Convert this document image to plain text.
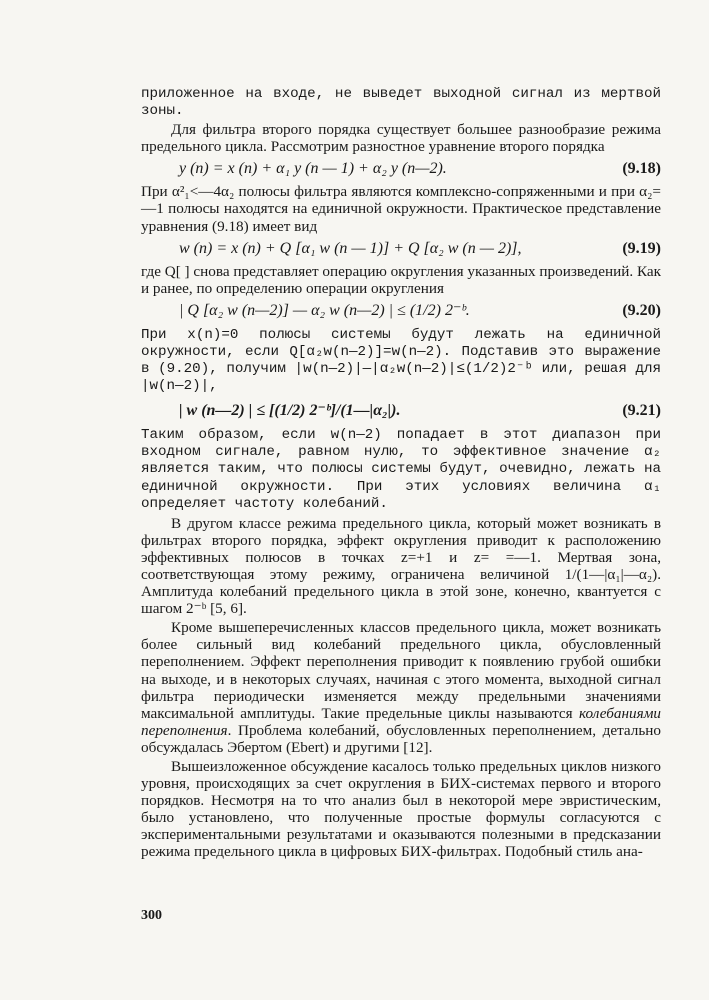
приложенное на входе, не выведет выходной сигнал из мертвой зоны.

Для фильтра второго порядка существует большее разнообразие режима предельного цикла. Рассмотрим разностное уравнение второго порядка

y (n) = x (n) + α₁ y (n — 1) + α₂ y (n—2).	(9.18)

При α²₁<—4α₂ полюсы фильтра являются комплексно-сопряженными и при α₂=—1 полюсы находятся на единичной окружности. Практическое представление уравнения (9.18) имеет вид

w (n) = x (n) + Q [α₁ w (n — 1)] + Q [α₂ w (n — 2)],	(9.19)

где Q[ ] снова представляет операцию округления указанных произведений. Как и ранее, по определению операции округления

| Q [α₂ w (n—2)] — α₂ w (n—2) | ≤ (1/2) 2⁻ᵇ.	(9.20)

При x(n)=0 полюсы системы будут лежать на единичной окружности, если Q[α₂w(n—2)]=w(n—2). Подставив это выражение в (9.20), получим |w(n—2)|—|α₂w(n—2)|≤(1/2)2⁻ᵇ или, решая для |w(n—2)|,

| w (n—2) | ≤ [(1/2) 2⁻ᵇ]/(1—|α₂|).	(9.21)

Таким образом, если w(n—2) попадает в этот диапазон при входном сигнале, равном нулю, то эффективное значение α₂ является таким, что полюсы системы будут, очевидно, лежать на единичной окружности. При этих условиях величина α₁ определяет частоту колебаний.

В другом классе режима предельного цикла, который может возникать в фильтрах второго порядка, эффект округления приводит к расположению эффективных полюсов в точках z=+1 и z= =—1. Мертвая зона, соответствующая этому режиму, ограничена величиной 1/(1—|α₁|—α₂). Амплитуда колебаний предельного цикла в этой зоне, конечно, квантуется с шагом 2⁻ᵇ [5, 6].

Кроме вышеперечисленных классов предельного цикла, может возникать более сильный вид колебаний предельного цикла, обусловленный переполнением. Эффект переполнения приводит к появлению грубой ошибки на выходе, и в некоторых случаях, начиная с этого момента, выходной сигнал фильтра периодически изменяется между предельными значениями максимальной амплитуды. Такие предельные циклы называются колебаниями переполнения. Проблема колебаний, обусловленных переполнением, детально обсуждалась Эбертом (Ebert) и другими [12].

Вышеизложенное обсуждение касалось только предельных циклов низкого уровня, происходящих за счет округления в БИХ-системах первого и второго порядков. Несмотря на то что анализ был в некоторой мере эвристическим, было установлено, что полученные простые формулы согласуются с экспериментальными результатами и оказываются полезными в предсказании режима предельного цикла в цифровых БИХ-фильтрах. Подобный стиль ана-

300
